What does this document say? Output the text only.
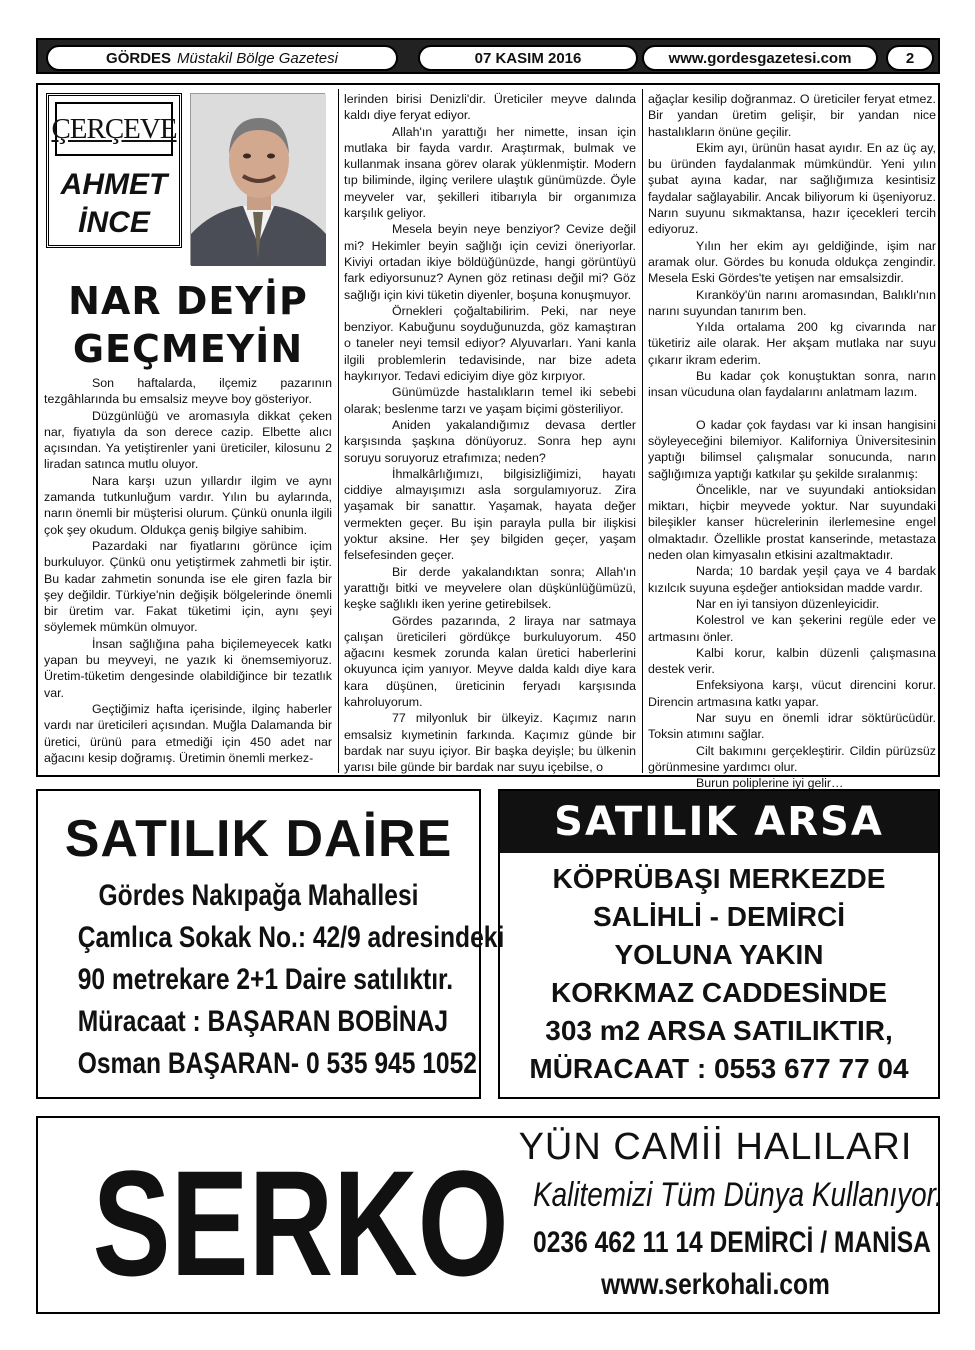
GÖRDES Müstakil Bölge Gazetesi	07 KASIM 2016	www.gordesgazetesi.com	2
ÇERÇEVE
AHMET
İNCE
NAR DEYİP
GEÇMEYİN

Son haftalarda, ilçemiz pazarının tezgâhlarında bu emsalsiz meyve boy gösteriyor.

Düzgünlüğü ve aromasıyla dikkat çeken nar, fiyatıyla da son derece cazip. Elbette alıcı açısından. Ya yetiştirenler yani üreticiler, kilosunu 2 liradan satınca mutlu oluyor.

Nara karşı uzun yıllardır ilgim ve aynı zamanda tutkunluğum vardır. Yılın bu aylarında, narın önemli bir müşterisi olurum. Çünkü onunla ilgili çok şey okudum. Oldukça geniş bilgiye sahibim.

Pazardaki nar fiyatlarını görünce içim burkuluyor. Çünkü onu yetiştirmek zahmetli bir iştir. Bu kadar zahmetin sonunda ise ele giren fazla bir şey değildir. Türkiye'nin değişik bölgelerinde önemli bir üretim var. Fakat tüketimi için, aynı şeyi söylemek mümkün olmuyor.

İnsan sağlığına paha biçilemeyecek katkı yapan bu meyveyi, ne yazık ki önemsemiyoruz. Üretim-tüketim dengesinde olabildiğince bir tezatlık var.

Geçtiğimiz hafta içerisinde, ilginç haberler vardı nar üreticileri açısından. Muğla Dalamanda bir üretici, ürünü para etmediği için 450 adet nar ağacını kesip doğramış. Üretimin önemli merkez-

lerinden birisi Denizli'dir. Üreticiler meyve dalında kaldı diye feryat ediyor.

Allah'ın yarattığı her nimette, insan için mutlaka bir fayda vardır. Araştırmak, bulmak ve kullanmak insana görev olarak yüklenmiştir. Modern tıp biliminde, ilginç verilere ulaştık günümüzde. Öyle meyveler var, şekilleri itibarıyla bir organımıza karşılık geliyor.

Mesela beyin neye benziyor? Cevize değil mi? Hekimler beyin sağlığı için cevizi öneriyorlar. Kiviyi ortadan ikiye böldüğünüzde, hangi görüntüyü fark ediyorsunuz? Aynen göz retinası değil mi? Göz sağlığı için kivi tüketin diyenler, boşuna konuşmuyor.

Örnekleri çoğaltabilirim. Peki, nar neye benziyor. Kabuğunu soyduğunuzda, göz kamaştıran o taneler neyi temsil ediyor? Alyuvarları. Yani kanla ilgili problemlerin tedavisinde, nar bize adeta haykırıyor. Tedavi ediciyim diye göz kırpıyor.

Günümüzde hastalıkların temel iki sebebi olarak; beslenme tarzı ve yaşam biçimi gösteriliyor.

Aniden yakalandığımız devasa dertler karşısında şaşkına dönüyoruz. Sonra hep aynı soruyu soruyoruz etrafımıza; neden?

İhmalkârlığımızı, bilgisizliğimizi, hayatı ciddiye almayışımızı asla sorgulamıyoruz. Zira yaşamak bir sanattır. Yaşamak, hayata değer vermekten geçer. Bu işin parayla pulla bir ilişkisi yoktur aksine. Her şey bilgiden geçer, yaşam felsefesinden geçer.

Bir derde yakalandıktan sonra; Allah'ın yarattığı bitki ve meyvelere olan düşkünlüğümüzü, keşke sağlıklı iken yerine getirebilsek.

Gördes pazarında, 2 liraya nar satmaya çalışan üreticileri gördükçe burkuluyorum. 450 ağacını kesmek zorunda kalan üretici haberlerini okuyunca içim yanıyor. Meyve dalda kaldı diye kara kara düşünen, üreticinin feryadı karşısında kahroluyorum.

77 milyonluk bir ülkeyiz. Kaçımız narın emsalsiz kıymetinin farkında. Kaçımız günde bir bardak nar suyu içiyor. Bir başka deyişle; bu ülkenin yarısı bile günde bir bardak nar suyu içebilse, o

ağaçlar kesilip doğranmaz. O üreticiler feryat etmez. Bir yandan üretim gelişir, bir yandan nice hastalıkların önüne geçilir.

Ekim ayı, ürünün hasat ayıdır. En az üç ay, bu üründen faydalanmak mümkündür. Yeni yılın şubat ayına kadar, nar sağlığımıza kesintisiz faydalar sağlayabilir. Ancak biliyorum ki üşeniyoruz. Narın suyunu sıkmaktansa, hazır içecekleri tercih ediyoruz.

Yılın her ekim ayı geldiğinde, işim nar aramak olur. Gördes bu konuda oldukça zengindir. Mesela Eski Gördes'te yetişen nar emsalsizdir.

Kıranköy'ün narını aromasından, Balıklı'nın narını suyundan tanırım ben.

Yılda ortalama 200 kg civarında nar tüketiriz aile olarak. Her akşam mutlaka nar suyu çıkarır ikram ederim.

Bu kadar çok konuştuktan sonra, narın insan vücuduna olan faydalarını anlatmam lazım.

O kadar çok faydası var ki insan hangisini söyleyeceğini bilemiyor. Kaliforniya Üniversitesinin yaptığı bilimsel çalışmalar sonucunda, narın sağlığımıza yaptığı katkılar şu şekilde sıralanmış:

Öncelikle, nar ve suyundaki antioksidan miktarı, hiçbir meyvede yoktur. Nar suyundaki bileşikler kanser hücrelerinin ilerlemesine engel olmaktadır. Özellikle prostat kanserinde, metastaza neden olan kimyasalın etkisini azaltmaktadır.

Narda; 10 bardak yeşil çaya ve 4 bardak kızılcık suyuna eşdeğer antioksidan madde vardır.

Nar en iyi tansiyon düzenleyicidir.

Kolestrol ve kan şekerini regüle eder ve artmasını önler.

Kalbi korur, kalbin düzenli çalışmasına destek verir.

Enfeksiyona karşı, vücut direncini korur. Direncin artmasına katkı yapar.

Nar suyu en önemli idrar söktürücüdür. Toksin atımını sağlar.

Cilt bakımını gerçekleştirir. Cildin pürüzsüz görünmesine yardımcı olur.

Burun poliplerine iyi gelir…

SATILIK DAİRE
Gördes Nakıpağa Mahallesi
Çamlıca Sokak No.: 42/9 adresindeki
90 metrekare 2+1 Daire satılıktır.
Müracaat : BAŞARAN BOBİNAJ
Osman BAŞARAN- 0 535 945 1052
SATILIK ARSA
KÖPRÜBAŞI MERKEZDE
SALİHLİ - DEMİRCİ
YOLUNA YAKIN
KORKMAZ CADDESİNDE
303 m2 ARSA SATILIKTIR,
MÜRACAAT : 0553 677 77 04
SERKO YÜN CAMİİ HALILARI
Kalitemizi Tüm Dünya Kullanıyor.
0236 462 11 14 DEMİRCİ / MANİSA
www.serkohali.com
